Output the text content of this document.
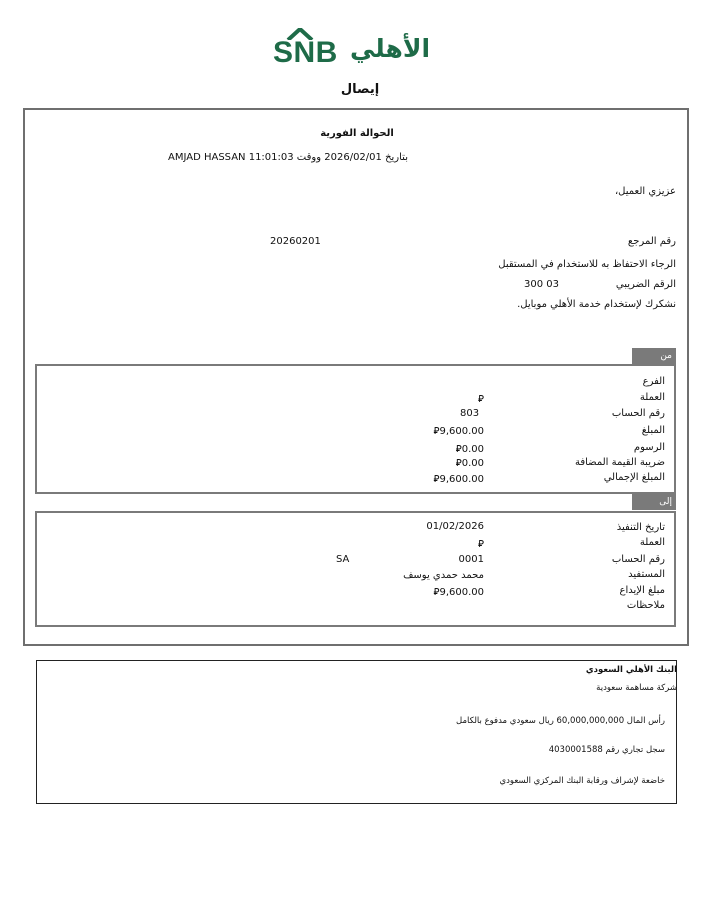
SNB الأهلي
إيصال
الحوالة الفورية
AMJAD HASSAN بتاريخ 2026/02/01 ووقت 11:01:03
عزيزي العميل،
رقم المرجع
20260201
الرجاء الاحتفاظ به للاستخدام في المستقبل
الرقم الضريبي
300 03
نشكرك لإستخدام خدمة الأهلي موبايل.
من
الفرع
العملة
⃁
رقم الحساب
803
المبلغ
⃁9,600.00
الرسوم
⃁0.00
ضريبة القيمة المضافة
⃁0.00
المبلغ الإجمالي
⃁9,600.00
إلى
تاريخ التنفيذ
01/02/2026
العملة
⃁
رقم الحساب
SA	0001
المستفيد
محمد حمدي يوسف
مبلغ الإيداع
⃁9,600.00
ملاحظات
البنك الأهلي السعودي
شركة مساهمة سعودية
رأس المال 60,000,000,000 ريال سعودي مدفوع بالكامل
سجل تجاري رقم 4030001588
خاضعة لإشراف ورقابة البنك المركزي السعودي
